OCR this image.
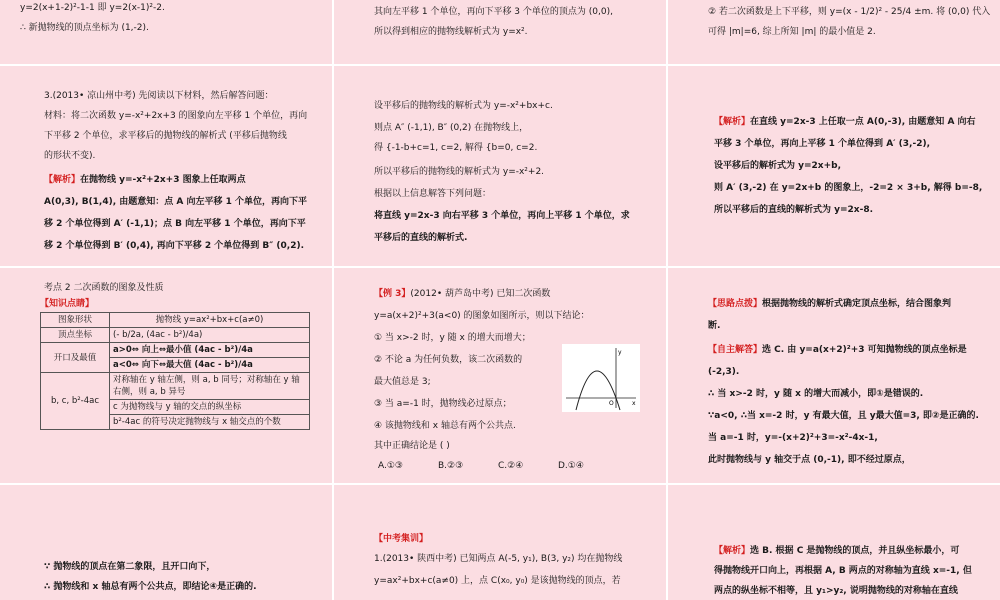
y=2(x+1-2)²-1-1 即 y=2(x-1)²-2.
∴ 新抛物线的顶点坐标为 (1,-2).
其向左平移 1 个单位，再向下平移 3 个单位的顶点为 (0,0),
所以得到相应的抛物线解析式为 y=x².
② 若二次函数是上下平移，则 y=(x - 1/2)² - 25/4 ±m. 将 (0,0) 代入
可得 |m|=6, 综上所知 |m| 的最小值是 2.
3.(2013• 凉山州中考) 先阅读以下材料，然后解答问题：
材料：将二次函数 y=-x²+2x+3 的图象向左平移 1 个单位，再向
下平移 2 个单位，求平移后的抛物线的解析式 (平移后抛物线
的形状不变).
【解析】在抛物线 y=-x²+2x+3 图象上任取两点
A(0,3), B(1,4), 由题意知：点 A 向左平移 1 个单位，再向下平
移 2 个单位得到 A′ (-1,1)；点 B 向左平移 1 个单位，再向下平
移 2 个单位得到 B′ (0,4), 再向下平移 2 个单位得到 B″ (0,2).
设平移后的抛物线的解析式为 y=-x²+bx+c.
则点 A″ (-1,1), B″ (0,2) 在抛物线上，
得 {-1-b+c=1, c=2, 解得 {b=0, c=2.
所以平移后的抛物线的解析式为 y=-x²+2.
根据以上信息解答下列问题：
将直线 y=2x-3 向右平移 3 个单位，再向上平移 1 个单位，求
平移后的直线的解析式.
【解析】在直线 y=2x-3 上任取一点 A(0,-3), 由题意知 A 向右
平移 3 个单位，再向上平移 1 个单位得到 A′ (3,-2),
设平移后的解析式为 y=2x+b,
则 A′ (3,-2) 在 y=2x+b 的图象上，-2=2 × 3+b, 解得 b=-8,
所以平移后的直线的解析式为 y=2x-8.
考点 2 二次函数的图象及性质
【知识点睛】
图象形状	抛物线 y=ax²+bx+c(a≠0)
顶点坐标	(- b/2a, (4ac - b²)/4a)
开口及最值	a>0⇔ 向上⇔最小值 (4ac - b²)/4a
	a<0⇔ 向下⇔最大值 (4ac - b²)/4a
b, c, b²-4ac	对称轴在 y 轴左侧，则 a, b 同号；对称轴在 y 轴右侧，则 a, b 异号
	c 为抛物线与 y 轴的交点的纵坐标
	b²-4ac 的符号决定抛物线与 x 轴交点的个数
【例 3】(2012• 葫芦岛中考) 已知二次函数
y=a(x+2)²+3(a<0) 的图象如图所示，则以下结论：
① 当 x>-2 时，y 随 x 的增大而增大；
② 不论 a 为任何负数，该二次函数的
最大值总是 3;
③ 当 a=-1 时，抛物线必过原点；
④ 该抛物线和 x 轴总有两个公共点.
其中正确结论是 ( )
A.①③	B.②③	C.②④	D.①④
y
x
O
【思路点拨】根据抛物线的解析式确定顶点坐标，结合图象判
断.
【自主解答】选 C. 由 y=a(x+2)²+3 可知抛物线的顶点坐标是
(-2,3).
∴ 当 x>-2 时，y 随 x 的增大而减小，即①是错误的.
∵a<0, ∴当 x=-2 时，y 有最大值，且 y最大值=3, 即②是正确的.
当 a=-1 时，y=-(x+2)²+3=-x²-4x-1,
此时抛物线与 y 轴交于点 (0,-1), 即不经过原点，
∵ 抛物线的顶点在第二象限，且开口向下，
∴ 抛物线和 x 轴总有两个公共点，即结论④是正确的.
【中考集训】
1.(2013• 陕西中考) 已知两点 A(-5, y₁), B(3, y₂) 均在抛物线
y=ax²+bx+c(a≠0) 上，点 C(x₀, y₀) 是该抛物线的顶点，若
【解析】选 B. 根据 C 是抛物线的顶点，并且纵坐标最小，可
得抛物线开口向上，再根据 A, B 两点的对称轴为直线 x=-1, 但
两点的纵坐标不相等，且 y₁>y₂, 说明抛物线的对称轴在直线
